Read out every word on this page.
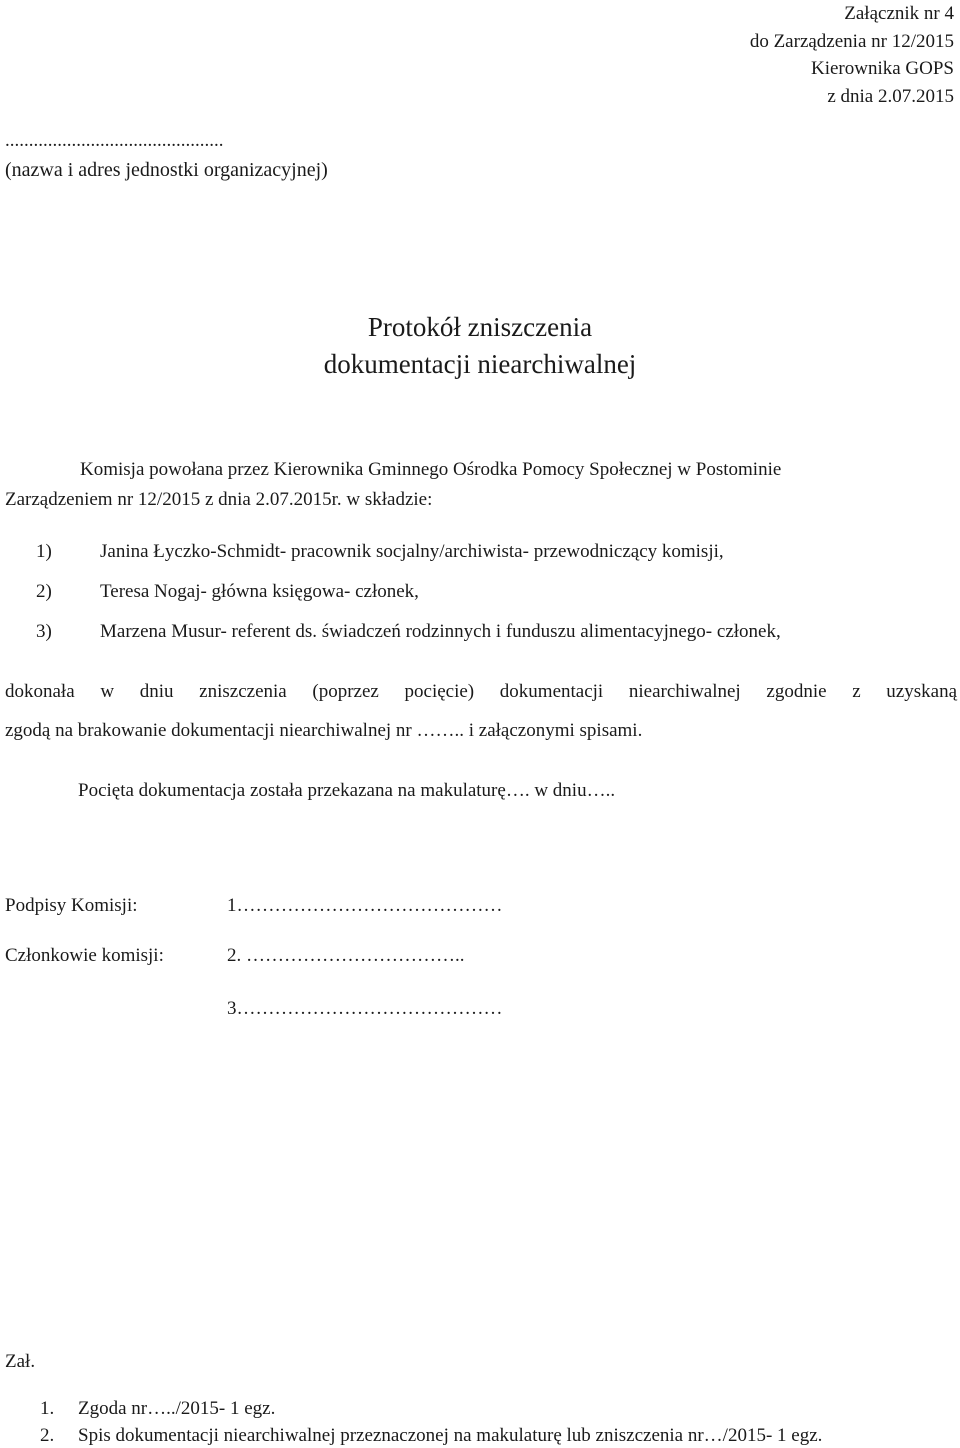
Załącznik nr 4
do Zarządzenia nr 12/2015
Kierownika GOPS
z dnia 2.07.2015
..............................................
(nazwa i adres jednostki organizacyjnej)
Protokół zniszczenia
dokumentacji niearchiwalnej
Komisja powołana przez Kierownika Gminnego Ośrodka Pomocy Społecznej w Postominie
Zarządzeniem nr 12/2015 z dnia 2.07.2015r. w składzie:
1)	Janina Łyczko-Schmidt- pracownik socjalny/archiwista- przewodniczący komisji,
2)	Teresa Nogaj- główna księgowa- członek,
3)	Marzena Musur- referent ds. świadczeń rodzinnych i funduszu alimentacyjnego- członek,
dokonała w dniu zniszczenia (poprzez pocięcie) dokumentacji niearchiwalnej zgodnie z uzyskaną
zgodą na brakowanie dokumentacji niearchiwalnej nr …….. i załączonymi spisami.
Pocięta dokumentacja została przekazana na makulaturę…. w dniu…..
Podpisy Komisji:	1……………………………………
Członkowie komisji:	2. ……………………………..
3……………………………………
Zał.
1. Zgoda nr…../2015- 1 egz.
2. Spis dokumentacji niearchiwalnej przeznaczonej na makulaturę lub zniszczenia nr…/2015- 1 egz.
